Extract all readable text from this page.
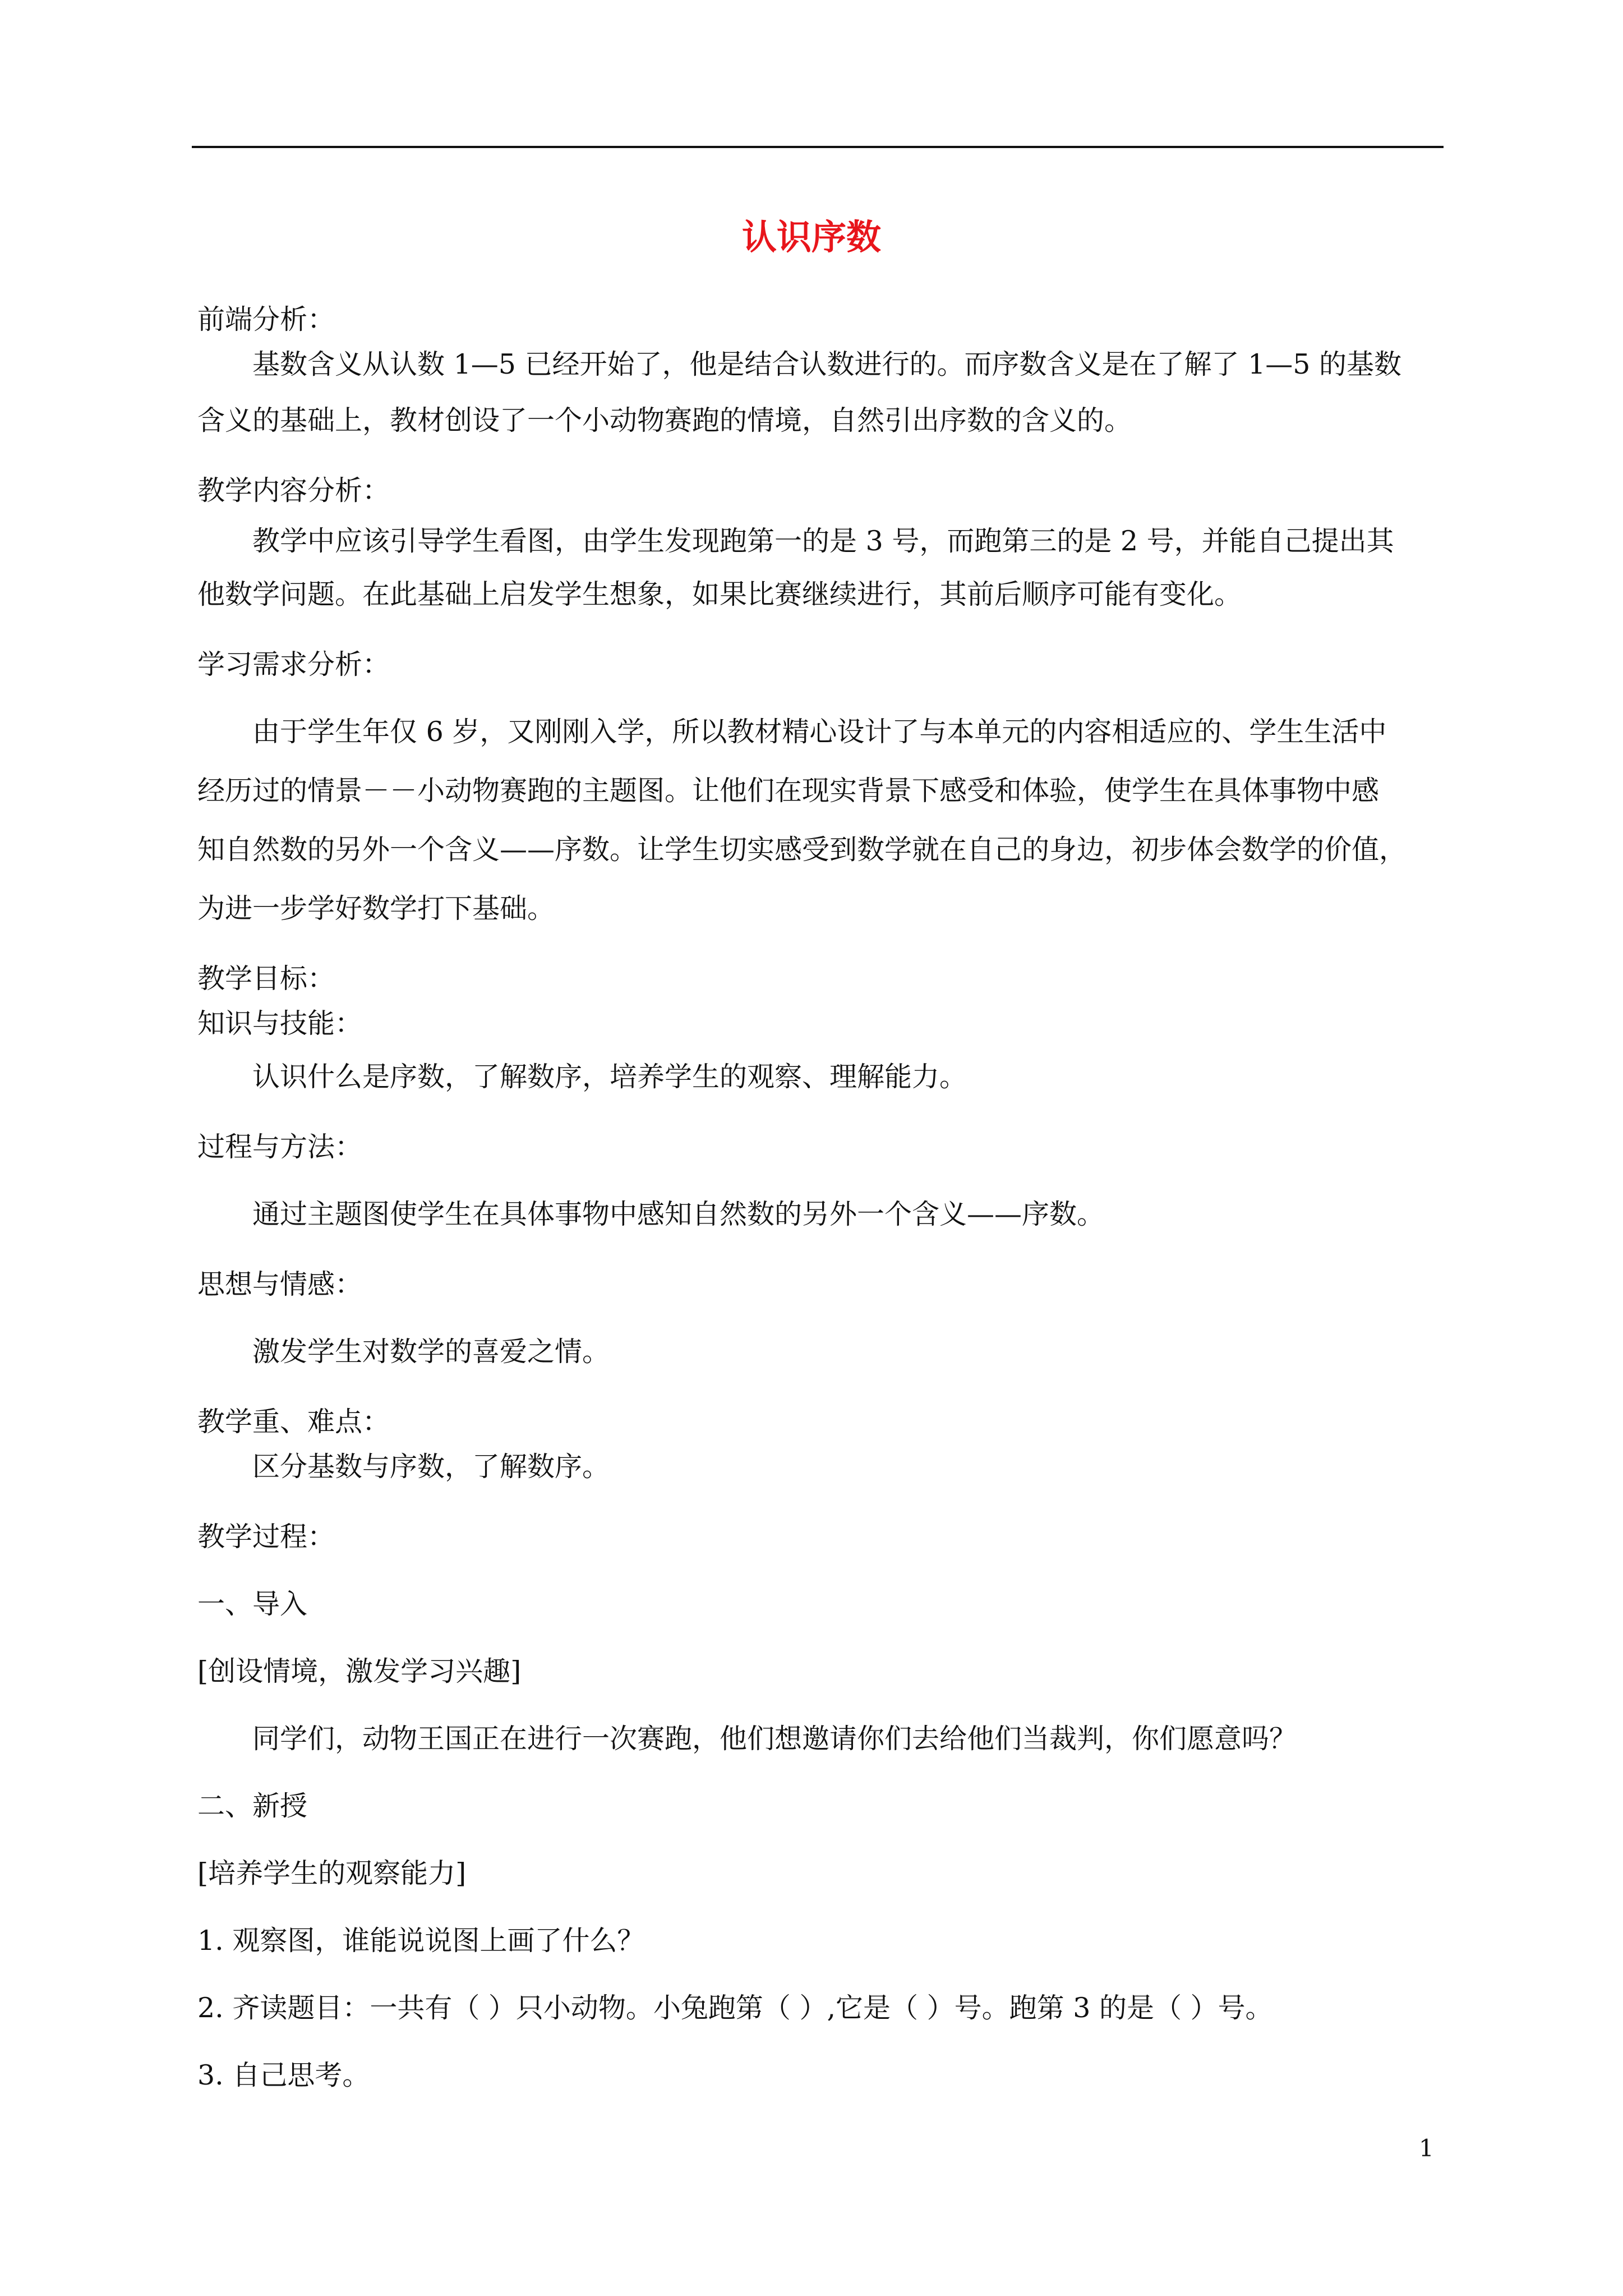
认识序数
前端分析：
基数含义从认数 1—5 已经开始了，他是结合认数进行的。而序数含义是在了解了 1—5 的基数
含义的基础上，教材创设了一个小动物赛跑的情境，自然引出序数的含义的。
教学内容分析：
教学中应该引导学生看图，由学生发现跑第一的是 3 号，而跑第三的是 2 号，并能自己提出其
他数学问题。在此基础上启发学生想象，如果比赛继续进行，其前后顺序可能有变化。
学习需求分析：
由于学生年仅 6 岁，又刚刚入学，所以教材精心设计了与本单元的内容相适应的、学生生活中
经历过的情景－－小动物赛跑的主题图。让他们在现实背景下感受和体验，使学生在具体事物中感
知自然数的另外一个含义——序数。让学生切实感受到数学就在自己的身边，初步体会数学的价值，
为进一步学好数学打下基础。
教学目标：
知识与技能：
认识什么是序数，了解数序，培养学生的观察、理解能力。
过程与方法：
通过主题图使学生在具体事物中感知自然数的另外一个含义——序数。
思想与情感：
激发学生对数学的喜爱之情。
教学重、难点：
区分基数与序数，了解数序。
教学过程：
一、导入
[创设情境，激发学习兴趣]
同学们，动物王国正在进行一次赛跑，他们想邀请你们去给他们当裁判，你们愿意吗？
二、新授
[培养学生的观察能力]
1. 观察图，谁能说说图上画了什么？
2. 齐读题目：一共有（ ）只小动物。小兔跑第（ ）,它是（ ）号。跑第 3 的是（ ）号。
3. 自己思考。
1
